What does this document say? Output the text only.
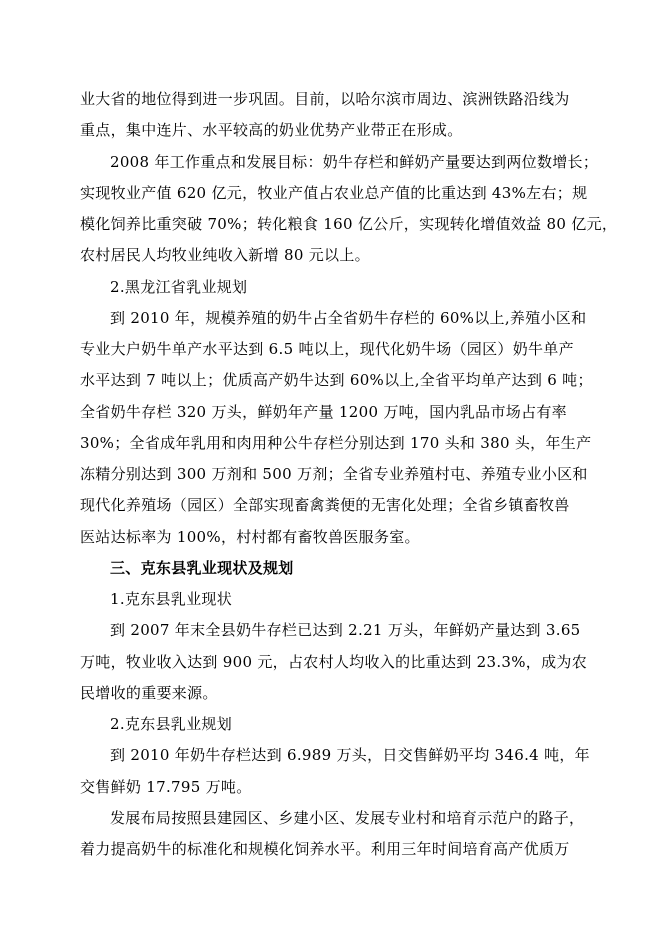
业大省的地位得到进一步巩固。目前，以哈尔滨市周边、滨洲铁路沿线为
重点，集中连片、水平较高的奶业优势产业带正在形成。
2008 年工作重点和发展目标：奶牛存栏和鲜奶产量要达到两位数增长；
实现牧业产值 620 亿元，牧业产值占农业总产值的比重达到 43%左右；规
模化饲养比重突破 70%；转化粮食 160 亿公斤，实现转化增值效益 80 亿元，
农村居民人均牧业纯收入新增 80 元以上。
2.黑龙江省乳业规划
到 2010 年，规模养殖的奶牛占全省奶牛存栏的 60%以上,养殖小区和
专业大户奶牛单产水平达到 6.5 吨以上，现代化奶牛场（园区）奶牛单产
水平达到 7 吨以上；优质高产奶牛达到 60%以上,全省平均单产达到 6 吨；
全省奶牛存栏 320 万头，鲜奶年产量 1200 万吨，国内乳品市场占有率
30%；全省成年乳用和肉用种公牛存栏分别达到 170 头和 380 头，年生产
冻精分别达到 300 万剂和 500 万剂；全省专业养殖村屯、养殖专业小区和
现代化养殖场（园区）全部实现畜禽粪便的无害化处理；全省乡镇畜牧兽
医站达标率为 100%，村村都有畜牧兽医服务室。
三、克东县乳业现状及规划
1.克东县乳业现状
到 2007 年末全县奶牛存栏已达到 2.21 万头，年鲜奶产量达到 3.65
万吨，牧业收入达到 900 元，占农村人均收入的比重达到 23.3%，成为农
民增收的重要来源。
2.克东县乳业规划
到 2010 年奶牛存栏达到 6.989 万头，日交售鲜奶平均 346.4 吨，年
交售鲜奶 17.795 万吨。
发展布局按照县建园区、乡建小区、发展专业村和培育示范户的路子，
着力提高奶牛的标准化和规模化饲养水平。利用三年时间培育高产优质万
